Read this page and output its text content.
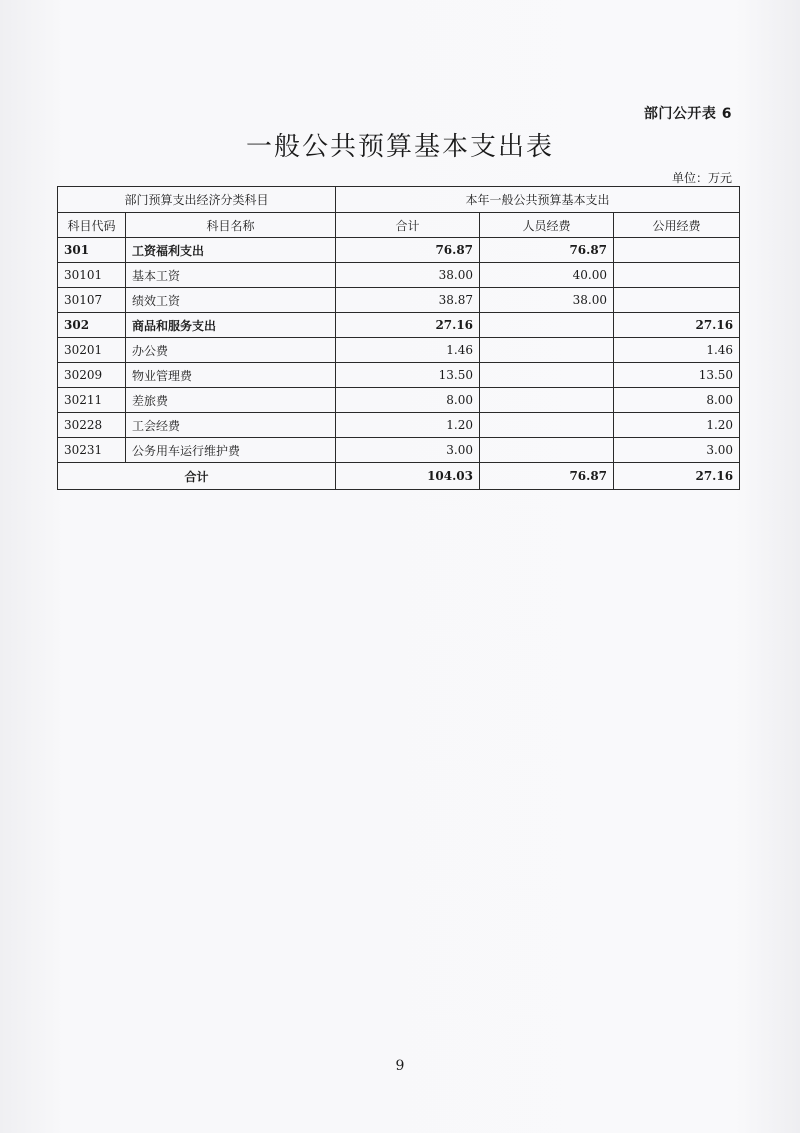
部门公开表 6
一般公共预算基本支出表
单位：万元
部门预算支出经济分类科目		本年一般公共预算基本支出		
科目代码	科目名称	合计	人员经费	公用经费
301	工资福利支出	76.87	76.87	
30101	基本工资	38.00	40.00	
30107	绩效工资	38.87	38.00	
302	商品和服务支出	27.16		27.16
30201	办公费	1.46		1.46
30209	物业管理费	13.50		13.50
30211	差旅费	8.00		8.00
30228	工会经费	1.20		1.20
30231	公务用车运行维护费	3.00		3.00
合计		104.03	76.87	27.16
9
